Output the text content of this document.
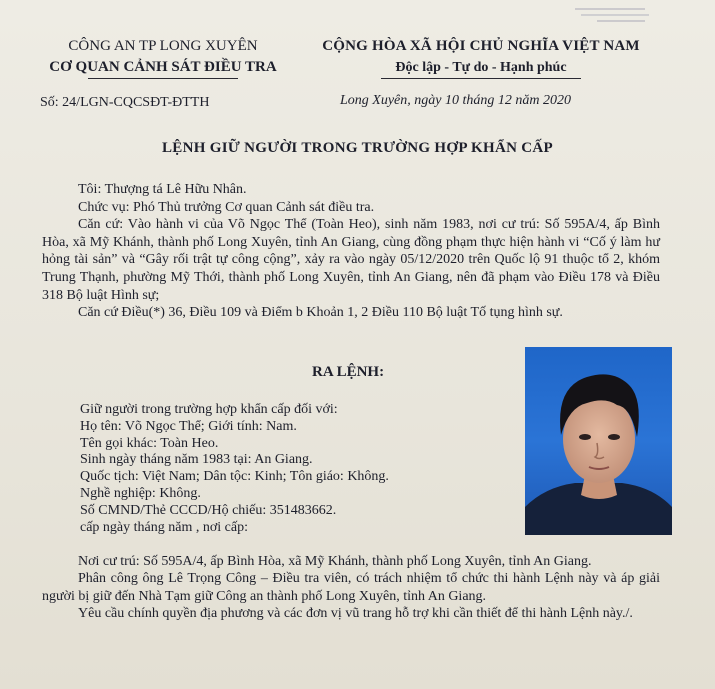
CÔNG AN TP LONG XUYÊN
CƠ QUAN CẢNH SÁT ĐIỀU TRA
CỘNG HÒA XÃ HỘI CHỦ NGHĨA VIỆT NAM
Độc lập - Tự do - Hạnh phúc
Số: 24/LGN-CQCSĐT-ĐTTH	Long Xuyên, ngày 10 tháng 12 năm 2020
LỆNH GIỮ NGƯỜI TRONG TRƯỜNG HỢP KHẨN CẤP

Tôi: Thượng tá Lê Hữu Nhân.

Chức vụ: Phó Thủ trưởng Cơ quan Cảnh sát điều tra.

Căn cứ: Vào hành vi của Võ Ngọc Thể (Toàn Heo), sinh năm 1983, nơi cư trú: Số 595A/4, ấp Bình Hòa, xã Mỹ Khánh, thành phố Long Xuyên, tỉnh An Giang, cùng đồng phạm thực hiện hành vi “Cố ý làm hư hỏng tài sản” và “Gây rối trật tự công cộng”, xảy ra vào ngày 05/12/2020 trên Quốc lộ 91 thuộc tổ 2, khóm Trung Thạnh, phường Mỹ Thới, thành phố Long Xuyên, tỉnh An Giang, nên đã phạm vào Điều 178 và Điều 318 Bộ luật Hình sự;

Căn cứ Điều(*) 36, Điều 109 và Điểm b Khoản 1, 2 Điều 110 Bộ luật Tố tụng hình sự.

RA LỆNH:

Giữ người trong trường hợp khẩn cấp đối với:

Họ tên: Võ Ngọc Thể; Giới tính: Nam.

Tên gọi khác: Toàn Heo.

Sinh ngày tháng năm 1983 tại: An Giang.

Quốc tịch: Việt Nam; Dân tộc: Kinh; Tôn giáo: Không.

Nghề nghiệp: Không.

Số CMND/Thẻ CCCD/Hộ chiếu: 351483662.

cấp ngày tháng năm , nơi cấp:

Nơi cư trú: Số 595A/4, ấp Bình Hòa, xã Mỹ Khánh, thành phố Long Xuyên, tỉnh An Giang.

Phân công ông Lê Trọng Công – Điều tra viên, có trách nhiệm tổ chức thi hành Lệnh này và áp giải người bị giữ đến Nhà Tạm giữ Công an thành phố Long Xuyên, tỉnh An Giang.

Yêu cầu chính quyền địa phương và các đơn vị vũ trang hỗ trợ khi cần thiết để thi hành Lệnh này./.
